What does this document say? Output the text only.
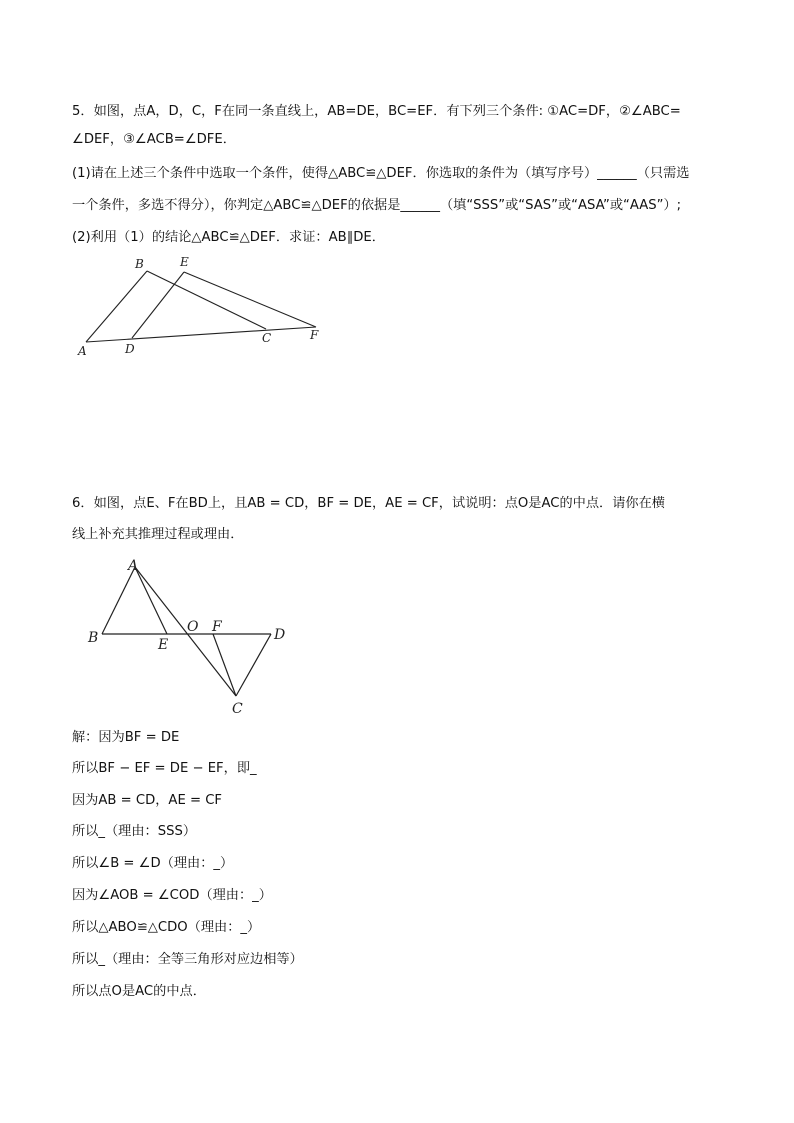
5．如图，点A，D，C，F在同一条直线上，AB=DE，BC=EF．有下列三个条件: ①AC=DF，②∠ABC=
∠DEF，③∠ACB=∠DFE．
(1)请在上述三个条件中选取一个条件，使得△ABC≌△DEF．你选取的条件为（填写序号）______（只需选
一个条件，多选不得分），你判定△ABC≌△DEF的依据是______（填“SSS”或“SAS”或“ASA”或“AAS”）;
(2)利用（1）的结论△ABC≌△DEF．求证：AB∥DE．
B	E
A	D
C	F
6．如图，点E、F在BD上，且AB = CD，BF = DE，AE = CF，试说明：点O是AC的中点．请你在横
线上补充其推理过程或理由．
A
B	E
O F	D
C
解：因为BF = DE
所以BF − EF = DE − EF，即_
因为AB = CD，AE = CF
所以_（理由：SSS）
所以∠B = ∠D（理由：_）
因为∠AOB = ∠COD（理由：_）
所以△ABO≌△CDO（理由：_）
所以_（理由：全等三角形对应边相等）
所以点O是AC的中点．
